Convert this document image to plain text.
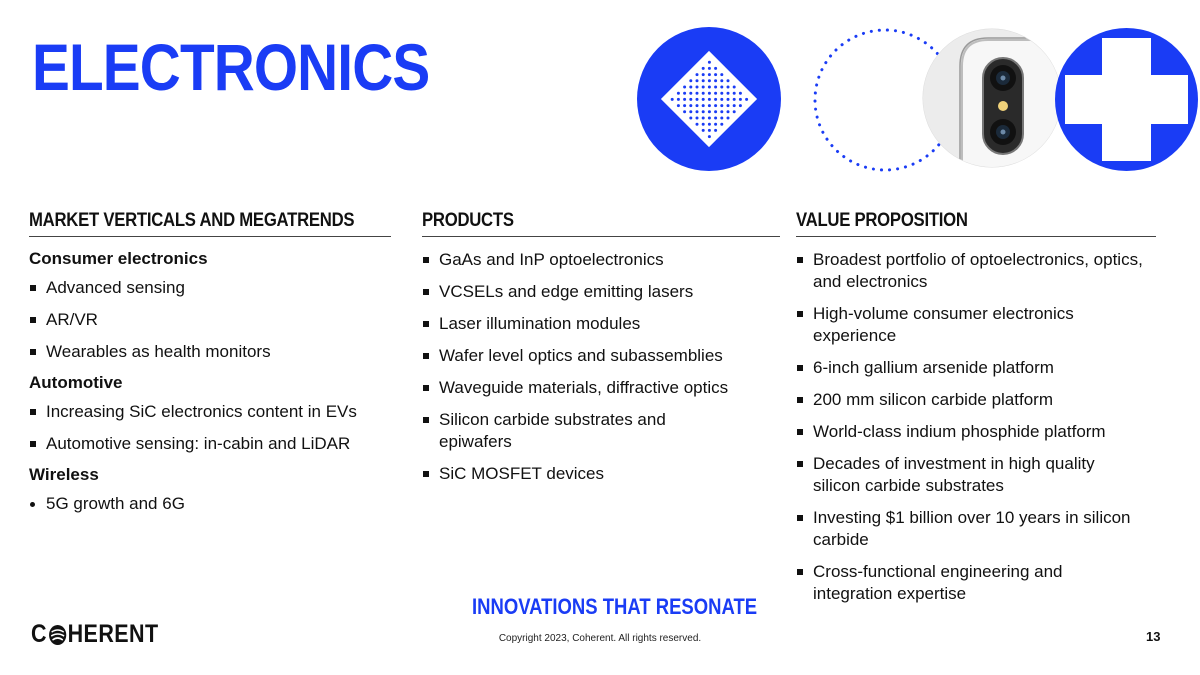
ELECTRONICS
MARKET VERTICALS AND MEGATRENDS
Consumer electronics
Advanced sensing
AR/VR
Wearables as health monitors
Automotive
Increasing SiC electronics content in EVs
Automotive sensing: in-cabin and LiDAR
Wireless
5G growth and 6G
PRODUCTS
GaAs and InP optoelectronics
VCSELs and edge emitting lasers
Laser illumination modules
Wafer level optics and subassemblies
Waveguide materials, diffractive optics
Silicon carbide substrates and epiwafers
SiC MOSFET devices
VALUE PROPOSITION
Broadest portfolio of optoelectronics, optics, and electronics
High-volume consumer electronics experience
6-inch gallium arsenide platform
200 mm silicon carbide platform
World-class indium phosphide platform
Decades of investment in high quality silicon carbide substrates
Investing $1 billion over 10 years in silicon carbide
Cross-functional engineering and integration expertise
INNOVATIONS THAT RESONATE
C HERENT	Copyright 2023, Coherent. All rights reserved.	13
